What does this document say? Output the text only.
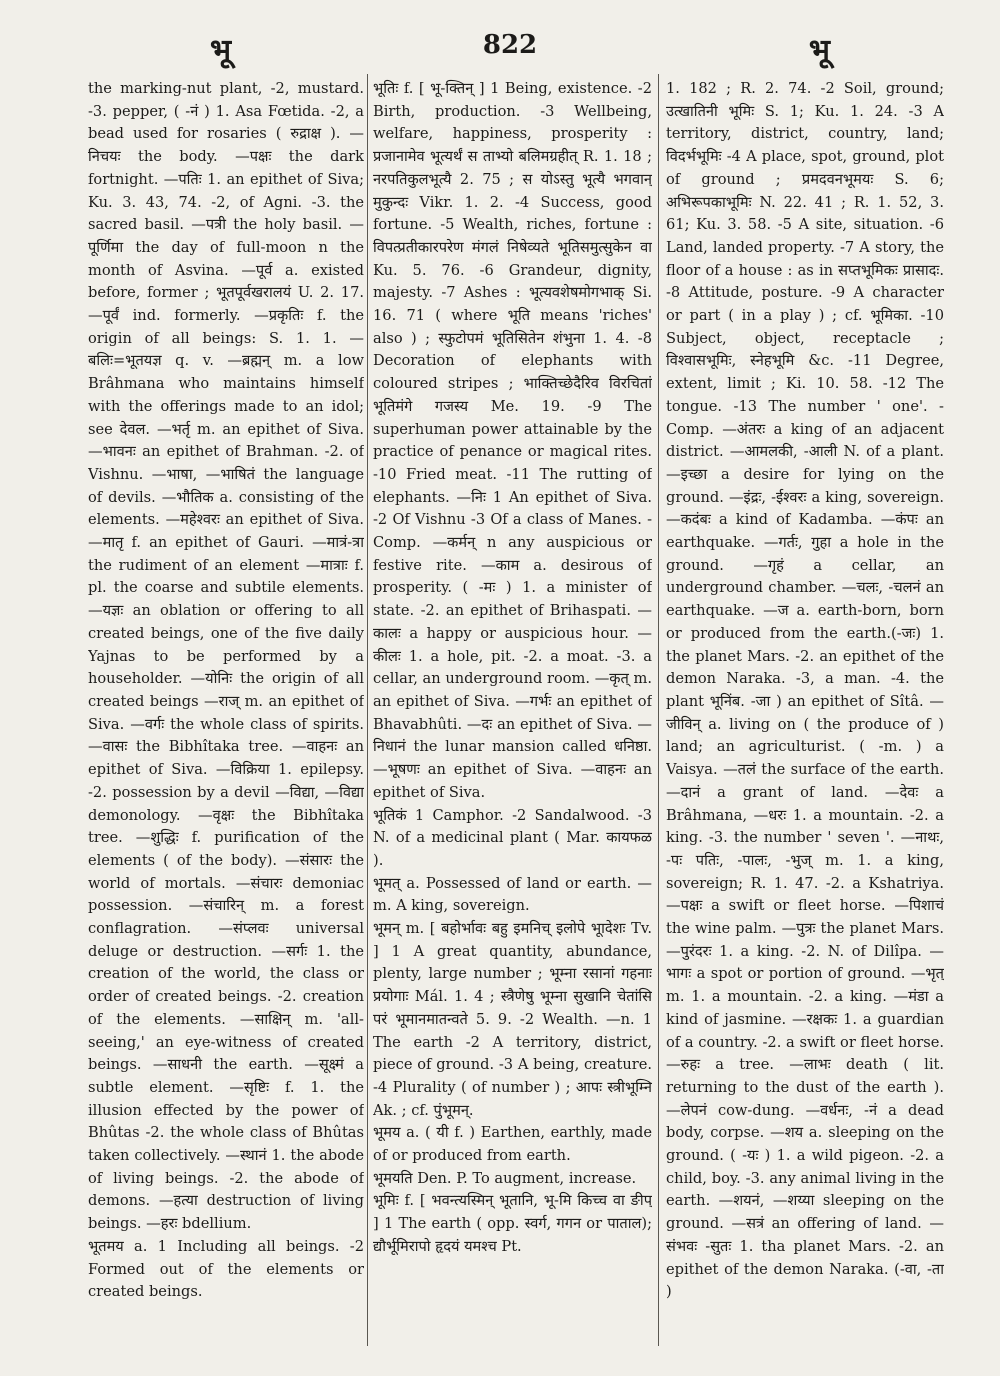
भू	822	भू

the marking-nut plant, -2, mustard. -3. pepper, ( -नं ) 1. Asa Fœtida. -2, a bead used for rosaries ( रुद्राक्ष ). —निचयः the body. —पक्षः the dark fortnight. —पतिः 1. an epithet of Siva; Ku. 3. 43, 74. -2, of Agni. -3. the sacred basil. —पत्री the holy basil. —पूर्णिमा the day of full-moon n the month of Asvina. —पूर्व a. existed before, former ; भूतपूर्वखरालयं U. 2. 17. —पूर्वं ind. formerly. —प्रकृतिः f. the origin of all beings: S. 1. 1. —बलिः=भूतयज्ञ q. v. —ब्रह्मन् m. a low Brâhmana who maintains himself with the offerings made to an idol; see देवल. —भर्तृ m. an epithet of Siva. —भावनः an epithet of Brahman. -2. of Vishnu. —भाषा, —भाषितं the language of devils. —भौतिक a. consisting of the elements. —महेश्वरः an epithet of Siva. —मातृ f. an epithet of Gauri. —मात्रं-त्रा the rudiment of an element —मात्राः f. pl. the coarse and subtile elements. —यज्ञः an oblation or offering to all created beings, one of the five daily Yajnas to be performed by a householder. —योनिः the origin of all created beings —राज् m. an epithet of Siva. —वर्गः the whole class of spirits. —वासः the Bibhîtaka tree. —वाहनः an epithet of Siva. —विक्रिया 1. epilepsy. -2. possession by a devil —विद्या, —विद्या demonology. —वृक्षः the Bibhîtaka tree. —शुद्धिः f. purification of the elements ( of the body). —संसारः the world of mortals. —संचारः demoniac possession. —संचारिन् m. a forest conflagration. —संप्लवः universal deluge or destruction. —सर्गः 1. the creation of the world, the class or order of created beings. -2. creation of the elements. —साक्षिन् m. 'all-seeing,' an eye-witness of created beings. —साधनी the earth. —सूक्ष्मं a subtle element. —सृष्टिः f. 1. the illusion effected by the power of Bhûtas -2. the whole class of Bhûtas taken collectively. —स्थानं 1. the abode of living beings. -2. the abode of demons. —हत्या destruction of living beings. —हरः bdellium.

भूतमय a. 1 Including all beings. -2 Formed out of the elements or created beings.

भूतिः f. [ भू-क्तिन् ] 1 Being, existence. -2 Birth, production. -3 Wellbeing, welfare, happiness, prosperity : प्रजानामेव भूत्यर्थं स ताभ्यो बलिमग्रहीत् R. 1. 18 ; नरपतिकुलभूत्यै 2. 75 ; स योऽस्तु भूत्यै भगवान् मुकुन्दः Vikr. 1. 2. -4 Success, good fortune. -5 Wealth, riches, fortune : विपत्प्रतीकारपरेण मंगलं निषेव्यते भूतिसमुत्सुकेन वा Ku. 5. 76. -6 Grandeur, dignity, majesty. -7 Ashes : भूत्यवशेषमोगभाक् Si. 16. 71 ( where भूति means 'riches' also ) ; स्फुटोपमं भूतिसितेन शंभुना 1. 4. -8 Decoration of elephants with coloured stripes ; भाक्तिच्छेदैरिव विरचितां भूतिमंगे गजस्य Me. 19. -9 The superhuman power attainable by the practice of penance or magical rites. -10 Fried meat. -11 The rutting of elephants. —निः 1 An epithet of Siva. -2 Of Vishnu -3 Of a class of Manes. -Comp. —कर्मन् n any auspicious or festive rite. —काम a. desirous of prosperity. ( -मः ) 1. a minister of state. -2. an epithet of Brihaspati. —कालः a happy or auspicious hour. —कीलः 1. a hole, pit. -2. a moat. -3. a cellar, an underground room. —कृत् m. an epithet of Siva. —गर्भः an epithet of Bhavabhûti. —दः an epithet of Siva. —निधानं the lunar mansion called धनिष्ठा. —भूषणः an epithet of Siva. —वाहनः an epithet of Siva.

भूतिकं 1 Camphor. -2 Sandalwood. -3 N. of a medicinal plant ( Mar. कायफळ ).

भूमत् a. Possessed of land or earth. —m. A king, sovereign.

भूमन् m. [ बहोर्भावः बहु इमनिच् इलोपे भूादेशः Tv. ] 1 A great quantity, abundance, plenty, large number ; भूम्ना रसानां गहनाः प्रयोगाः Mál. 1. 4 ; स्त्रैणेषु भूम्ना सुखानि चेतांसि परं भूमानमातन्वते 5. 9. -2 Wealth. —n. 1 The earth -2 A territory, district, piece of ground. -3 A being, creature. -4 Plurality ( of number ) ; आपः स्त्रीभूम्नि Ak. ; cf. पुंभूमन्.

भूमय a. ( यी f. ) Earthen, earthly, made of or produced from earth.

भूमयति Den. P. To augment, increase.

भूमिः f. [ भवन्त्यस्मिन् भूतानि, भू-मि किच्च वा ङीप् ] 1 The earth ( opp. स्वर्ग, गगन or पाताल); द्यौर्भूमिरापो हृदयं यमश्च Pt.

1. 182 ; R. 2. 74. -2 Soil, ground; उत्खातिनी भूमिः S. 1; Ku. 1. 24. -3 A territory, district, country, land; विदर्भभूमिः -4 A place, spot, ground, plot of ground ; प्रमदवनभूमयः S. 6; अभिरूपकाभूमिः N. 22. 41 ; R. 1. 52, 3. 61; Ku. 3. 58. -5 A site, situation. -6 Land, landed property. -7 A story, the floor of a house : as in सप्तभूमिकः प्रासादः. -8 Attitude, posture. -9 A character or part ( in a play ) ; cf. भूमिका. -10 Subject, object, receptacle ; विश्वासभूमिः, स्नेहभूमि &c. -11 Degree, extent, limit ; Ki. 10. 58. -12 The tongue. -13 The number ' one'. -Comp. —अंतरः a king of an adjacent district. —आमलकी, -आली N. of a plant. —इच्छा a desire for lying on the ground. —इंद्रः, -ईश्वरः a king, sovereign. —कदंबः a kind of Kadamba. —कंपः an earthquake. —गर्तः, गुहा a hole in the ground. —गृहं a cellar, an underground chamber. —चलः, -चलनं an earthquake. —ज a. earth-born, born or produced from the earth.(-जः) 1. the planet Mars. -2. an epithet of the demon Naraka. -3, a man. -4. the plant भूनिंब. -जा ) an epithet of Sîtâ. —जीविन् a. living on ( the produce of ) land; an agriculturist. ( -m. ) a Vaisya. —तलं the surface of the earth. —दानं a grant of land. —देवः a Brâhmana, —धरः 1. a mountain. -2. a king. -3. the number ' seven '. —नाथः, -पः पतिः, -पालः, -भुज् m. 1. a king, sovereign; R. 1. 47. -2. a Kshatriya. —पक्षः a swift or fleet horse. —पिशाचं the wine palm. —पुत्रः the planet Mars. —पुरंदरः 1. a king. -2. N. of Dilîpa. —भागः a spot or portion of ground. —भृत् m. 1. a mountain. -2. a king. —मंडा a kind of jasmine. —रक्षकः 1. a guardian of a country. -2. a swift or fleet horse. —रुहः a tree. —लाभः death ( lit. returning to the dust of the earth ). —लेपनं cow-dung. —वर्धनः, -नं a dead body, corpse. —शय a. sleeping on the ground. ( -यः ) 1. a wild pigeon. -2. a child, boy. -3. any animal living in the earth. —शयनं, —शय्या sleeping on the ground. —सत्रं an offering of land. —संभवः -सुतः 1. tha planet Mars. -2. an epithet of the demon Naraka. (-वा, -ता )
